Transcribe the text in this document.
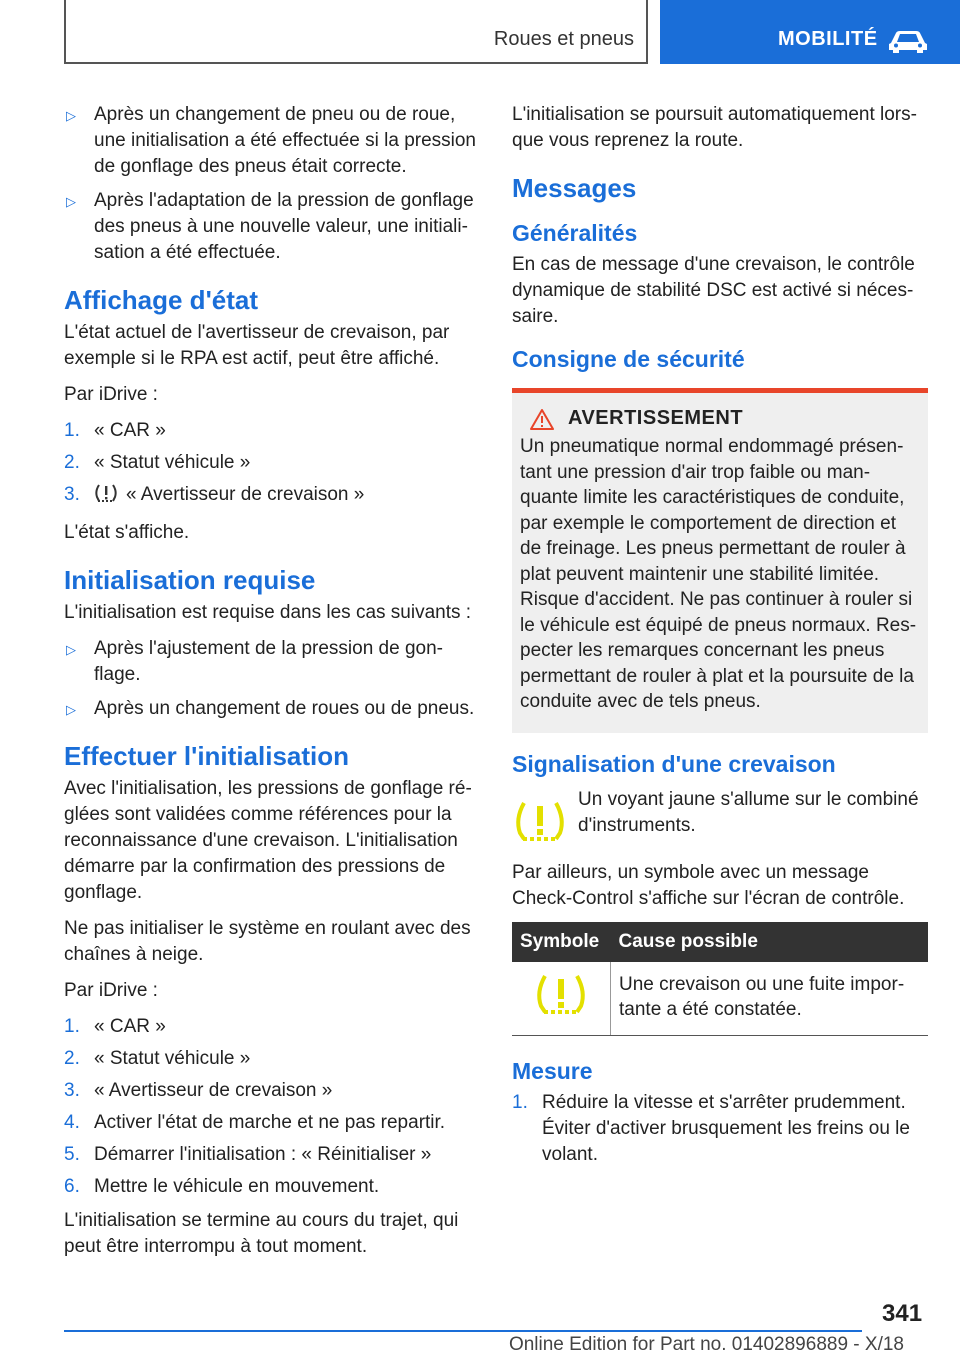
Roues et pneus	MOBILITÉ
▷ Après un changement de pneu ou de roue, une initialisation a été effectuée si la pression de gonflage des pneus était correcte.
▷ Après l'adaptation de la pression de gonflage des pneus à une nouvelle valeur, une initialisation a été effectuée.
Affichage d'état

L'état actuel de l'avertisseur de crevaison, par exemple si le RPA est actif, peut être affiché.

Par iDrive :

1. « CAR »
2. « Statut véhicule »
3. « Avertisseur de crevaison »

L'état s'affiche.

Initialisation requise

L'initialisation est requise dans les cas suivants :

▷ Après l'ajustement de la pression de gonflage.
▷ Après un changement de roues ou de pneus.
Effectuer l'initialisation

Avec l'initialisation, les pressions de gonflage réglées sont validées comme références pour la reconnaissance d'une crevaison. L'initialisation démarre par la confirmation des pressions de gonflage.

Ne pas initialiser le système en roulant avec des chaînes à neige.

Par iDrive :

1. « CAR »
2. « Statut véhicule »
3. « Avertisseur de crevaison »
4. Activer l'état de marche et ne pas repartir.
5. Démarrer l'initialisation : « Réinitialiser »
6. Mettre le véhicule en mouvement.

L'initialisation se termine au cours du trajet, qui peut être interrompu à tout moment.

L'initialisation se poursuit automatiquement lorsque vous reprenez la route.

Messages
Généralités

En cas de message d'une crevaison, le contrôle dynamique de stabilité DSC est activé si nécessaire.

Consigne de sécurité
AVERTISSEMENT

Un pneumatique normal endommagé présentant une pression d'air trop faible ou manquante limite les caractéristiques de conduite, par exemple le comportement de direction et de freinage. Les pneus permettant de rouler à plat peuvent maintenir une stabilité limitée. Risque d'accident. Ne pas continuer à rouler si le véhicule est équipé de pneus normaux. Respecter les remarques concernant les pneus permettant de rouler à plat et la poursuite de la conduite avec de tels pneus.

Signalisation d'une crevaison

Un voyant jaune s'allume sur le combiné d'instruments.

Par ailleurs, un symbole avec un message Check-Control s'affiche sur l'écran de contrôle.

Symbole	Cause possible
	Une crevaison ou une fuite importante a été constatée.
Mesure
1. Réduire la vitesse et s'arrêter prudemment. Éviter d'activer brusquement les freins ou le volant.
341
Online Edition for Part no. 01402896889 - X/18
